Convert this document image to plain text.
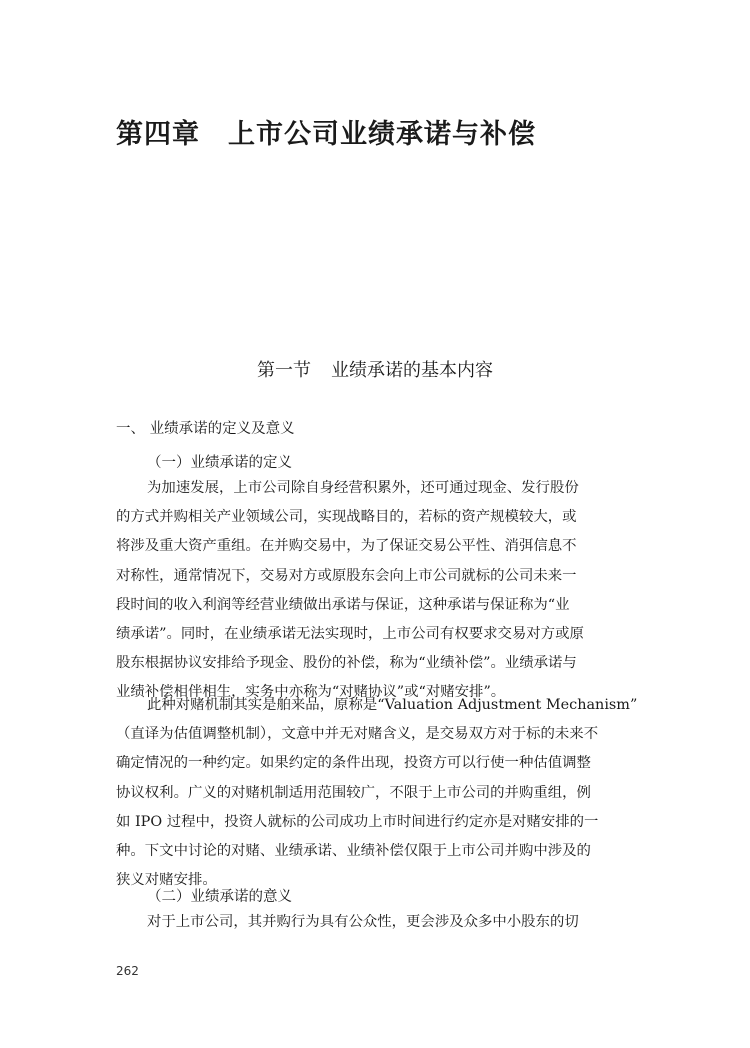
第四章 上市公司业绩承诺与补偿
第一节 业绩承诺的基本内容
一、 业绩承诺的定义及意义
（一）业绩承诺的定义

为加速发展，上市公司除自身经营积累外，还可通过现金、发行股份
的方式并购相关产业领域公司，实现战略目的，若标的资产规模较大，或
将涉及重大资产重组。在并购交易中，为了保证交易公平性、消弭信息不
对称性，通常情况下，交易对方或原股东会向上市公司就标的公司未来一
段时间的收入利润等经营业绩做出承诺与保证，这种承诺与保证称为“业
绩承诺”。同时，在业绩承诺无法实现时，上市公司有权要求交易对方或原
股东根据协议安排给予现金、股份的补偿，称为“业绩补偿”。业绩承诺与
业绩补偿相伴相生，实务中亦称为“对赌协议”或“对赌安排”。

此种对赌机制其实是舶来品，原称是“Valuation Adjustment Mechanism”
（直译为估值调整机制），文意中并无对赌含义，是交易双方对于标的未来不
确定情况的一种约定。如果约定的条件出现，投资方可以行使一种估值调整
协议权利。广义的对赌机制适用范围较广，不限于上市公司的并购重组，例
如 IPO 过程中，投资人就标的公司成功上市时间进行约定亦是对赌安排的一
种。下文中讨论的对赌、业绩承诺、业绩补偿仅限于上市公司并购中涉及的
狭义对赌安排。

（二）业绩承诺的意义

对于上市公司，其并购行为具有公众性，更会涉及众多中小股东的切

262
